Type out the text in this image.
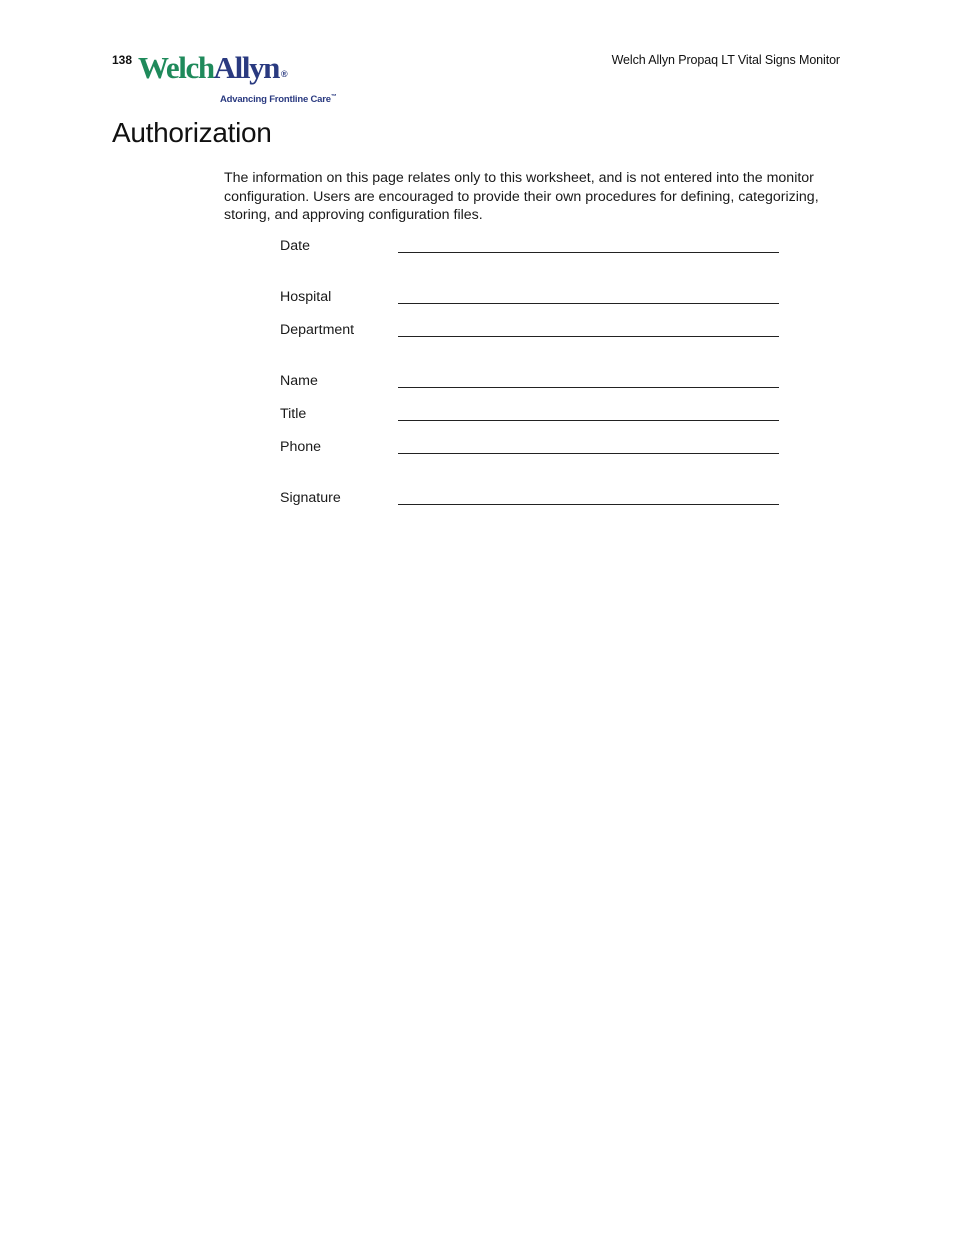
138 WelchAllyn ®
Advancing Frontline Care™
Welch Allyn Propaq LT Vital Signs Monitor
Authorization

The information on this page relates only to this worksheet, and is not entered into the monitor configuration. Users are encouraged to provide their own procedures for defining, categorizing, storing, and approving configuration files.

Date
Hospital
Department
Name
Title
Phone
Signature
